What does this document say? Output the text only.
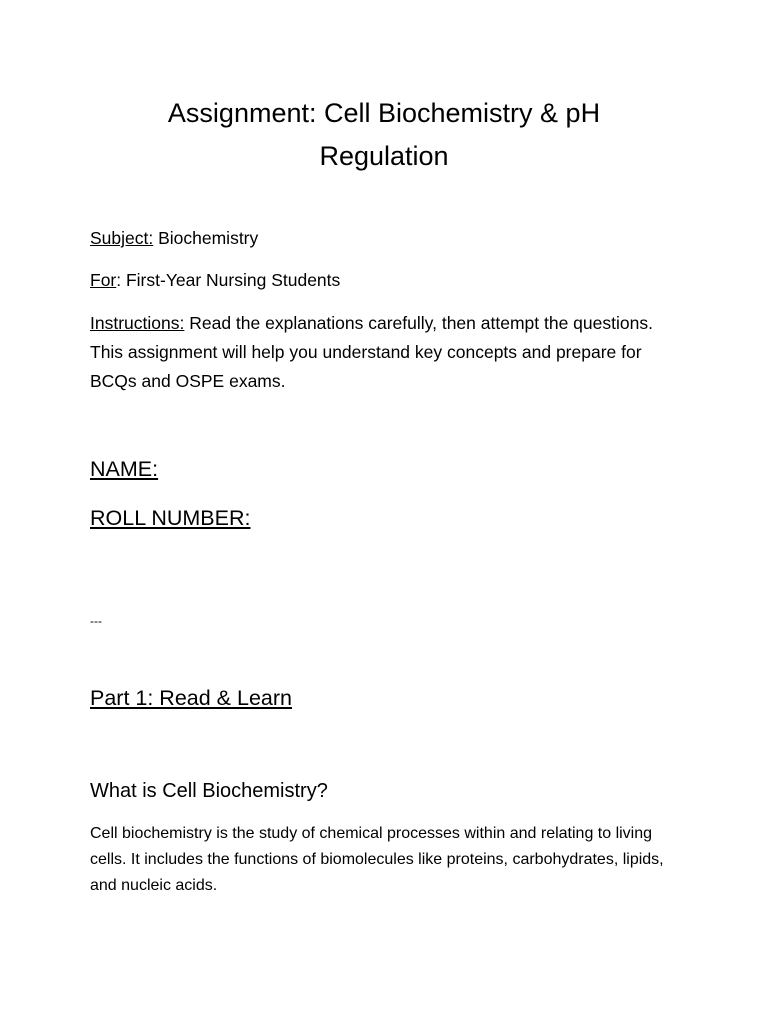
Assignment: Cell Biochemistry & pH
Regulation

Subject: Biochemistry

For: First-Year Nursing Students

Instructions: Read the explanations carefully, then attempt the questions. This assignment will help you understand key concepts and prepare for BCQs and OSPE exams.

NAME:
ROLL NUMBER:

---

Part 1: Read & Learn
What is Cell Biochemistry?

Cell biochemistry is the study of chemical processes within and relating to living cells. It includes the functions of biomolecules like proteins, carbohydrates, lipids, and nucleic acids.
